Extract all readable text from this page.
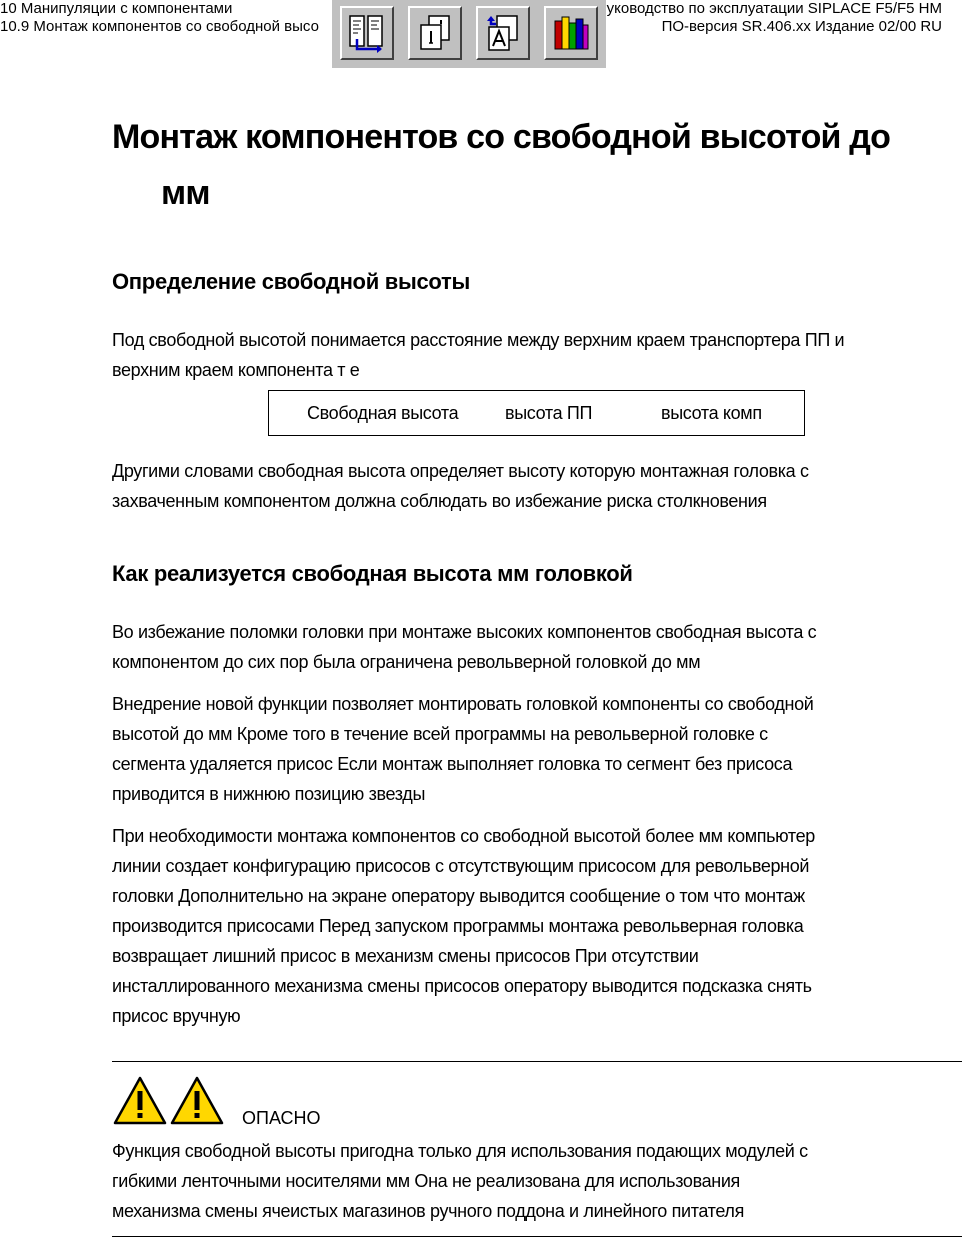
10 Манипуляции с компонентами
10.9 Монтаж компонентов со свободной высо
уководство по эксплуатации SIPLACE F5/F5 HM
ПО-версия SR.406.xx Издание 02/00 RU
Монтаж компонентов со свободной высотой до
мм
Определение свободной высоты
Под свободной высотой понимается расстояние между верхним краем транспортера ПП и
верхним краем компонента т е
Свободная высота	высота ПП	высота комп
Другими словами свободная высота определяет высоту которую монтажная головка с
захваченным компонентом должна соблюдать во избежание риска столкновения
Как реализуется свободная высота мм головкой
Во избежание поломки головки при монтаже высоких компонентов свободная высота с
компонентом до сих пор была ограничена револьверной головкой до мм
Внедрение новой функции позволяет монтировать головкой компоненты со свободной
высотой до мм Кроме того в течение всей программы на револьверной головке с
сегмента удаляется присос Если монтаж выполняет головка то сегмент без присоса
приводится в нижнюю позицию звезды
При необходимости монтажа компонентов со свободной высотой более мм компьютер
линии создает конфигурацию присосов с отсутствующим присосом для револьверной
головки Дополнительно на экране оператору выводится сообщение о том что монтаж
производится присосами Перед запуском программы монтажа револьверная головка
возвращает лишний присос в механизм смены присосов При отсутствии
инсталлированного механизма смены присосов оператору выводится подсказка снять
присос вручную
ОПАСНО
Функция свободной высоты пригодна только для использования подающих модулей с
гибкими ленточными носителями мм Она не реализована для использования
механизма смены ячеистых магазинов ручного поддона и линейного питателя
